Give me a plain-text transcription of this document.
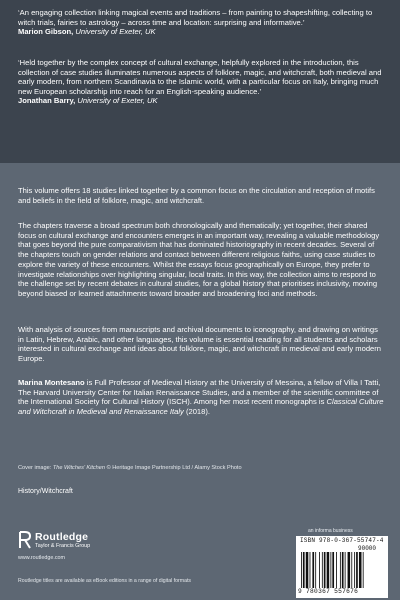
‘An engaging collection linking magical events and traditions – from painting to shapeshifting, collecting to witch trials, fairies to astrology – across time and location: surprising and informative.’
Marion Gibson, University of Exeter, UK
‘Held together by the complex concept of cultural exchange, helpfully explored in the introduction, this collection of case studies illuminates numerous aspects of folklore, magic, and witchcraft, both medieval and early modern, from northern Scandinavia to the Islamic world, with a particular focus on Italy, bringing much new European scholarship into reach for an English-speaking audience.’
Jonathan Barry, University of Exeter, UK
This volume offers 18 studies linked together by a common focus on the circulation and reception of motifs and beliefs in the field of folklore, magic, and witchcraft.
The chapters traverse a broad spectrum both chronologically and thematically; yet together, their shared focus on cultural exchange and encounters emerges in an important way, revealing a valuable methodology that goes beyond the pure comparativism that has dominated historiography in recent decades. Several of the chapters touch on gender relations and contact between different religious faiths, using case studies to explore the variety of these encounters. Whilst the essays focus geographically on Europe, they prefer to investigate relationships over highlighting singular, local traits. In this way, the collection aims to respond to the challenge set by recent debates in cultural studies, for a global history that prioritises inclusivity, moving beyond biased or learned attachments toward broader and broadening foci and methods.
With analysis of sources from manuscripts and archival documents to iconography, and drawing on writings in Latin, Hebrew, Arabic, and other languages, this volume is essential reading for all students and scholars interested in cultural exchange and ideas about folklore, magic, and witchcraft in medieval and early modern Europe.
Marina Montesano is Full Professor of Medieval History at the University of Messina, a fellow of Villa I Tatti, The Harvard University Center for Italian Renaissance Studies, and a member of the scientific committee of the International Society for Cultural History (ISCH). Among her most recent monographs is Classical Culture and Witchcraft in Medieval and Renaissance Italy (2018).
Cover image: The Witches’ Kitchen © Heritage Image Partnership Ltd / Alamy Stock Photo
History/Witchcraft
Routledge
Taylor & Francis Group
www.routledge.com
Routledge titles are available as eBook editions in a range of digital formats
an informa business
ISBN 978-0-367-55747-4
90000
9 780367 557676
